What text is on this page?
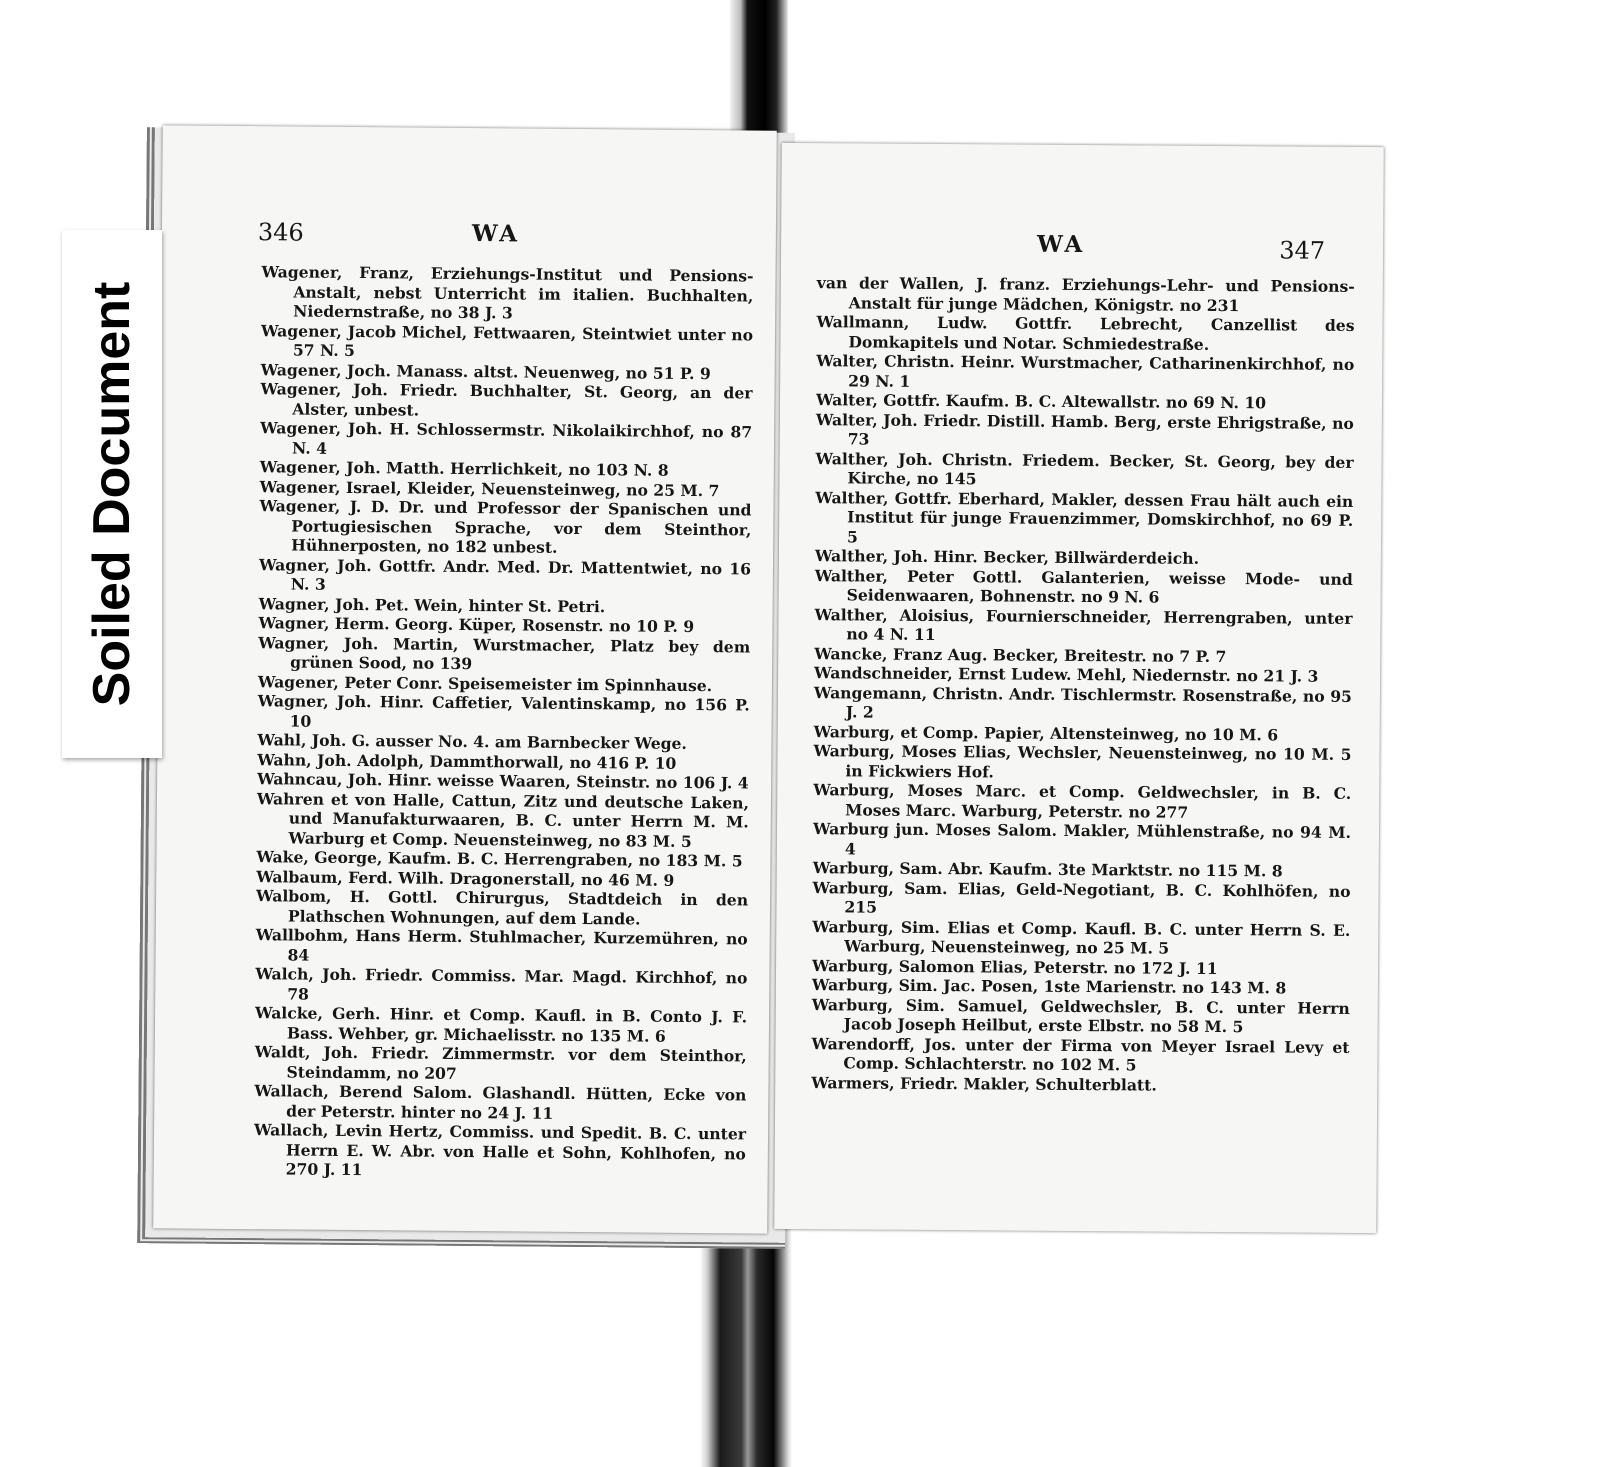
346	WA
Wagener, Franz, Erziehungs-Institut und Pensions-Anstalt, nebst Unterricht im italien. Buchhalten, Niedernstraße, no 38 J. 3
Wagener, Jacob Michel, Fettwaaren, Steintwiet unter no 57 N. 5
Wagener, Joch. Manass. altst. Neuenweg, no 51 P. 9
Wagener, Joh. Friedr. Buchhalter, St. Georg, an der Alster, unbest.
Wagener, Joh. H. Schlossermstr. Nikolaikirchhof, no 87 N. 4
Wagener, Joh. Matth. Herrlichkeit, no 103 N. 8
Wagener, Israel, Kleider, Neuensteinweg, no 25 M. 7
Wagener, J. D. Dr. und Professor der Spanischen und Portugiesischen Sprache, vor dem Steinthor, Hühnerposten, no 182 unbest.
Wagner, Joh. Gottfr. Andr. Med. Dr. Mattentwiet, no 16 N. 3
Wagner, Joh. Pet. Wein, hinter St. Petri.
Wagner, Herm. Georg. Küper, Rosenstr. no 10 P. 9
Wagner, Joh. Martin, Wurstmacher, Platz bey dem grünen Sood, no 139
Wagener, Peter Conr. Speisemeister im Spinnhause.
Wagner, Joh. Hinr. Caffetier, Valentinskamp, no 156 P. 10
Wahl, Joh. G. ausser No. 4. am Barnbecker Wege.
Wahn, Joh. Adolph, Dammthorwall, no 416 P. 10
Wahncau, Joh. Hinr. weisse Waaren, Steinstr. no 106 J. 4
Wahren et von Halle, Cattun, Zitz und deutsche Laken, und Manufakturwaaren, B. C. unter Herrn M. M. Warburg et Comp. Neuensteinweg, no 83 M. 5
Wake, George, Kaufm. B. C. Herrengraben, no 183 M. 5
Walbaum, Ferd. Wilh. Dragonerstall, no 46 M. 9
Walbom, H. Gottl. Chirurgus, Stadtdeich in den Plathschen Wohnungen, auf dem Lande.
Wallbohm, Hans Herm. Stuhlmacher, Kurzemühren, no 84
Walch, Joh. Friedr. Commiss. Mar. Magd. Kirchhof, no 78
Walcke, Gerh. Hinr. et Comp. Kaufl. in B. Conto J. F. Bass. Wehber, gr. Michaelisstr. no 135 M. 6
Waldt, Joh. Friedr. Zimmermstr. vor dem Steinthor, Steindamm, no 207
Wallach, Berend Salom. Glashandl. Hütten, Ecke von der Peterstr. hinter no 24 J. 11
Wallach, Levin Hertz, Commiss. und Spedit. B. C. unter Herrn E. W. Abr. von Halle et Sohn, Kohlhofen, no 270 J. 11
WA	347
van der Wallen, J. franz. Erziehungs-Lehr- und Pensions-Anstalt für junge Mädchen, Königstr. no 231
Wallmann, Ludw. Gottfr. Lebrecht, Canzellist des Domkapitels und Notar. Schmiedestraße.
Walter, Christn. Heinr. Wurstmacher, Catharinenkirchhof, no 29 N. 1
Walter, Gottfr. Kaufm. B. C. Altewallstr. no 69 N. 10
Walter, Joh. Friedr. Distill. Hamb. Berg, erste Ehrigstraße, no 73
Walther, Joh. Christn. Friedem. Becker, St. Georg, bey der Kirche, no 145
Walther, Gottfr. Eberhard, Makler, dessen Frau hält auch ein Institut für junge Frauenzimmer, Domskirchhof, no 69 P. 5
Walther, Joh. Hinr. Becker, Billwärderdeich.
Walther, Peter Gottl. Galanterien, weisse Mode- und Seidenwaaren, Bohnenstr. no 9 N. 6
Walther, Aloisius, Fournierschneider, Herrengraben, unter no 4 N. 11
Wancke, Franz Aug. Becker, Breitestr. no 7 P. 7
Wandschneider, Ernst Ludew. Mehl, Niedernstr. no 21 J. 3
Wangemann, Christn. Andr. Tischlermstr. Rosenstraße, no 95 J. 2
Warburg, et Comp. Papier, Altensteinweg, no 10 M. 6
Warburg, Moses Elias, Wechsler, Neuensteinweg, no 10 M. 5 in Fickwiers Hof.
Warburg, Moses Marc. et Comp. Geldwechsler, in B. C. Moses Marc. Warburg, Peterstr. no 277
Warburg jun. Moses Salom. Makler, Mühlenstraße, no 94 M. 4
Warburg, Sam. Abr. Kaufm. 3te Marktstr. no 115 M. 8
Warburg, Sam. Elias, Geld-Negotiant, B. C. Kohlhöfen, no 215
Warburg, Sim. Elias et Comp. Kaufl. B. C. unter Herrn S. E. Warburg, Neuensteinweg, no 25 M. 5
Warburg, Salomon Elias, Peterstr. no 172 J. 11
Warburg, Sim. Jac. Posen, 1ste Marienstr. no 143 M. 8
Warburg, Sim. Samuel, Geldwechsler, B. C. unter Herrn Jacob Joseph Heilbut, erste Elbstr. no 58 M. 5
Warendorff, Jos. unter der Firma von Meyer Israel Levy et Comp. Schlachterstr. no 102 M. 5
Warmers, Friedr. Makler, Schulterblatt.
Soiled Document
